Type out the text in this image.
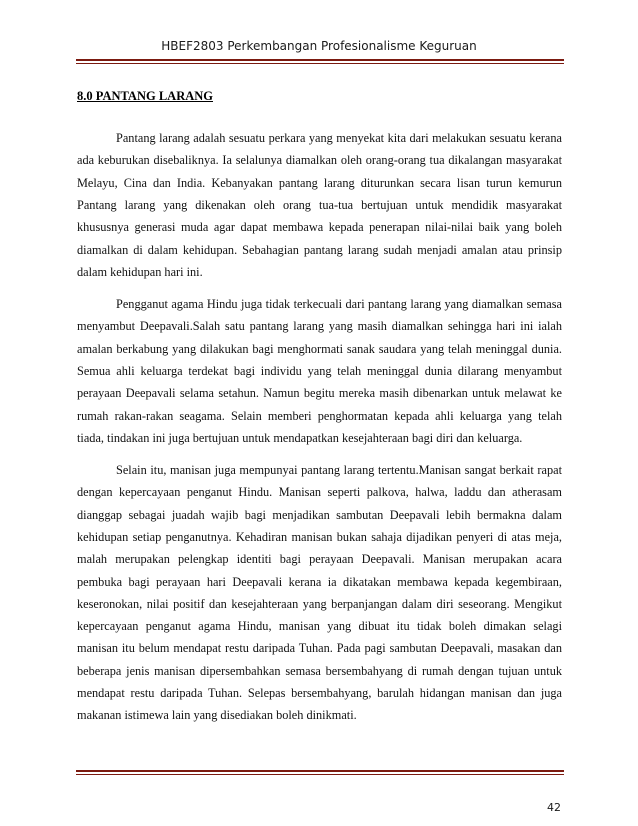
HBEF2803 Perkembangan Profesionalisme Keguruan
8.0 PANTANG LARANG
Pantang larang adalah sesuatu perkara yang menyekat kita dari melakukan sesuatu kerana
ada keburukan disebaliknya. Ia selalunya diamalkan oleh orang-orang tua dikalangan masyarakat
Melayu, Cina dan India. Kebanyakan pantang larang diturunkan secara lisan turun kemurun
Pantang larang yang dikenakan oleh orang tua-tua bertujuan untuk mendidik masyarakat
khususnya generasi muda agar dapat membawa kepada penerapan nilai-nilai baik yang boleh
diamalkan di dalam kehidupan. Sebahagian pantang larang sudah menjadi amalan atau prinsip
dalam kehidupan hari ini.
Pengganut agama Hindu juga tidak terkecuali dari pantang larang yang diamalkan semasa
menyambut Deepavali.Salah satu pantang larang yang masih diamalkan sehingga hari ini ialah
amalan berkabung yang dilakukan bagi menghormati sanak saudara yang telah meninggal dunia.
Semua ahli keluarga terdekat bagi individu yang telah meninggal dunia dilarang menyambut
perayaan Deepavali selama setahun. Namun begitu mereka masih dibenarkan untuk melawat ke
rumah rakan-rakan seagama. Selain memberi penghormatan kepada ahli keluarga yang telah
tiada, tindakan ini juga bertujuan untuk mendapatkan kesejahteraan bagi diri dan keluarga.
Selain itu, manisan juga mempunyai pantang larang tertentu.Manisan sangat berkait rapat
dengan kepercayaan penganut Hindu. Manisan seperti palkova, halwa, laddu dan atherasam
dianggap sebagai juadah wajib bagi menjadikan sambutan Deepavali lebih bermakna dalam
kehidupan setiap penganutnya. Kehadiran manisan bukan sahaja dijadikan penyeri di atas meja,
malah merupakan pelengkap identiti bagi perayaan Deepavali. Manisan merupakan acara
pembuka bagi perayaan hari Deepavali kerana ia dikatakan membawa kepada kegembiraan,
keseronokan, nilai positif dan kesejahteraan yang berpanjangan dalam diri seseorang. Mengikut
kepercayaan penganut agama Hindu, manisan yang dibuat itu tidak boleh dimakan selagi
manisan itu belum mendapat restu daripada Tuhan. Pada pagi sambutan Deepavali, masakan dan
beberapa jenis manisan dipersembahkan semasa bersembahyang di rumah dengan tujuan untuk
mendapat restu daripada Tuhan. Selepas bersembahyang, barulah hidangan manisan dan juga
makanan istimewa lain yang disediakan boleh dinikmati.
42
